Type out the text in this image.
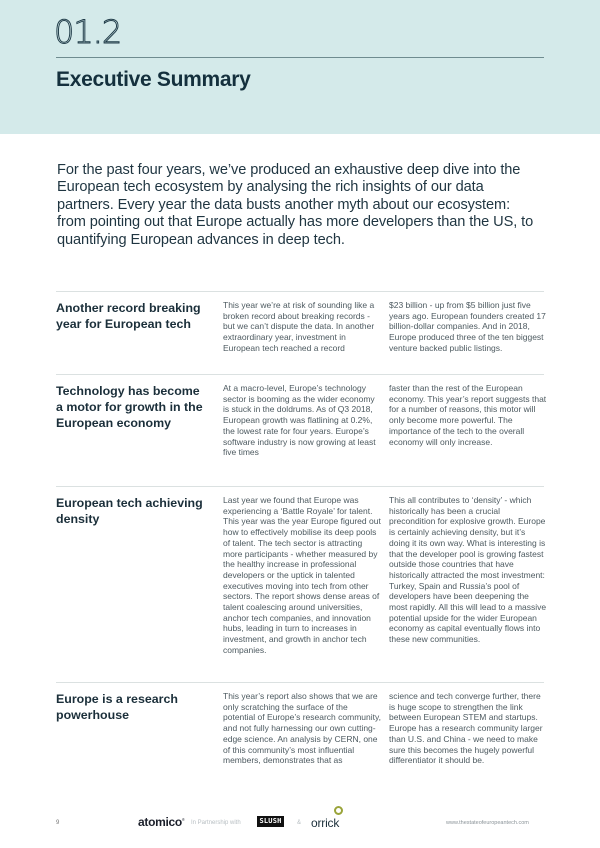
01.2
Executive Summary

For the past four years, we’ve produced an exhaustive deep dive into the European tech ecosystem by analysing the rich insights of our data partners. Every year the data busts another myth about our ecosystem: from pointing out that Europe actually has more developers than the US, to quantifying European advances in deep tech.

Another record breaking year for European tech

This year we’re at risk of sounding like a broken record about breaking records - but we can’t dispute the data. In another extraordinary year, investment in European tech reached a record

$23 billion - up from $5 billion just five years ago. European founders created 17 billion-dollar companies. And in 2018, Europe produced three of the ten biggest venture backed public listings.

Technology has become a motor for growth in the European economy

At a macro-level, Europe’s technology sector is booming as the wider economy is stuck in the doldrums. As of Q3 2018, European growth was flatlining at 0.2%, the lowest rate for four years. Europe’s software industry is now growing at least five times

faster than the rest of the European economy. This year’s report suggests that for a number of reasons, this motor will only become more powerful. The importance of the tech to the overall economy will only increase.

European tech achieving density

Last year we found that Europe was experiencing a ‘Battle Royale’ for talent. This year was the year Europe figured out how to effectively mobilise its deep pools of talent. The tech sector is attracting more participants - whether measured by the healthy increase in professional developers or the uptick in talented executives moving into tech from other sectors. The report shows dense areas of talent coalescing around universities, anchor tech companies, and innovation hubs, leading in turn to increases in investment, and growth in anchor tech companies.

This all contributes to ‘density’ - which historically has been a crucial precondition for explosive growth. Europe is certainly achieving density, but it’s doing it its own way. What is interesting is that the developer pool is growing fastest outside those countries that have historically attracted the most investment: Turkey, Spain and Russia’s pool of developers have been deepening the most rapidly. All this will lead to a massive potential upside for the wider European economy as capital eventually flows into these new communities.

Europe is a research powerhouse

This year’s report also shows that we are only scratching the surface of the potential of Europe’s research community, and not fully harnessing our own cutting-edge science. An analysis by CERN, one of this community’s most influential members, demonstrates that as

science and tech converge further, there is huge scope to strengthen the link between European STEM and startups. Europe has a research community larger than U.S. and China - we need to make sure this becomes the hugely powerful differentiator it should be.

9	atomico®
In Partnership with	SLUSH	& orrick	www.thestateofeuropeantech.com
